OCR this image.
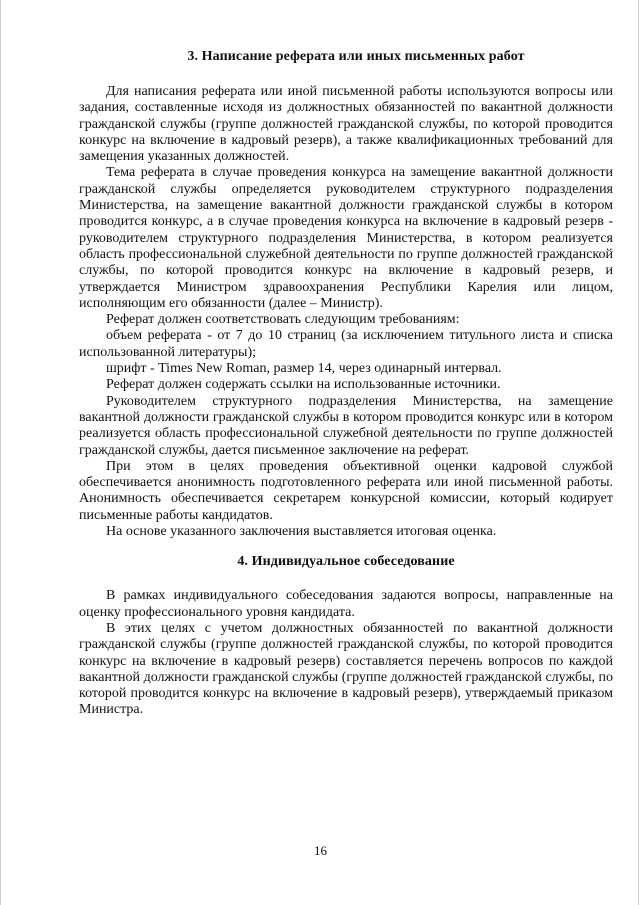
3. Написание реферата или иных письменных работ

Для написания реферата или иной письменной работы используются вопросы или задания, составленные исходя из должностных обязанностей по вакантной должности гражданской службы (группе должностей гражданской службы, по которой проводится конкурс на включение в кадровый резерв), а также квалификационных требований для замещения указанных должностей.

Тема реферата в случае проведения конкурса на замещение вакантной должности гражданской службы определяется руководителем структурного подразделения Министерства, на замещение вакантной должности гражданской службы в котором проводится конкурс, а в случае проведения конкурса на включение в кадровый резерв - руководителем структурного подразделения Министерства, в котором реализуется область профессиональной служебной деятельности по группе должностей гражданской службы, по которой проводится конкурс на включение в кадровый резерв, и утверждается Министром здравоохранения Республики Карелия или лицом, исполняющим его обязанности (далее – Министр).

Реферат должен соответствовать следующим требованиям:

объем реферата - от 7 до 10 страниц (за исключением титульного листа и списка использованной литературы);

шрифт - Times New Roman, размер 14, через одинарный интервал.

Реферат должен содержать ссылки на использованные источники.

Руководителем структурного подразделения Министерства, на замещение вакантной должности гражданской службы в котором проводится конкурс или в котором реализуется область профессиональной служебной деятельности по группе должностей гражданской службы, дается письменное заключение на реферат.

При этом в целях проведения объективной оценки кадровой службой обеспечивается анонимность подготовленного реферата или иной письменной работы. Анонимность обеспечивается секретарем конкурсной комиссии, который кодирует письменные работы кандидатов.

На основе указанного заключения выставляется итоговая оценка.

4. Индивидуальное собеседование

В рамках индивидуального собеседования задаются вопросы, направленные на оценку профессионального уровня кандидата.

В этих целях с учетом должностных обязанностей по вакантной должности гражданской службы (группе должностей гражданской службы, по которой проводится конкурс на включение в кадровый резерв) составляется перечень вопросов по каждой вакантной должности гражданской службы (группе должностей гражданской службы, по которой проводится конкурс на включение в кадровый резерв), утверждаемый приказом Министра.

16
